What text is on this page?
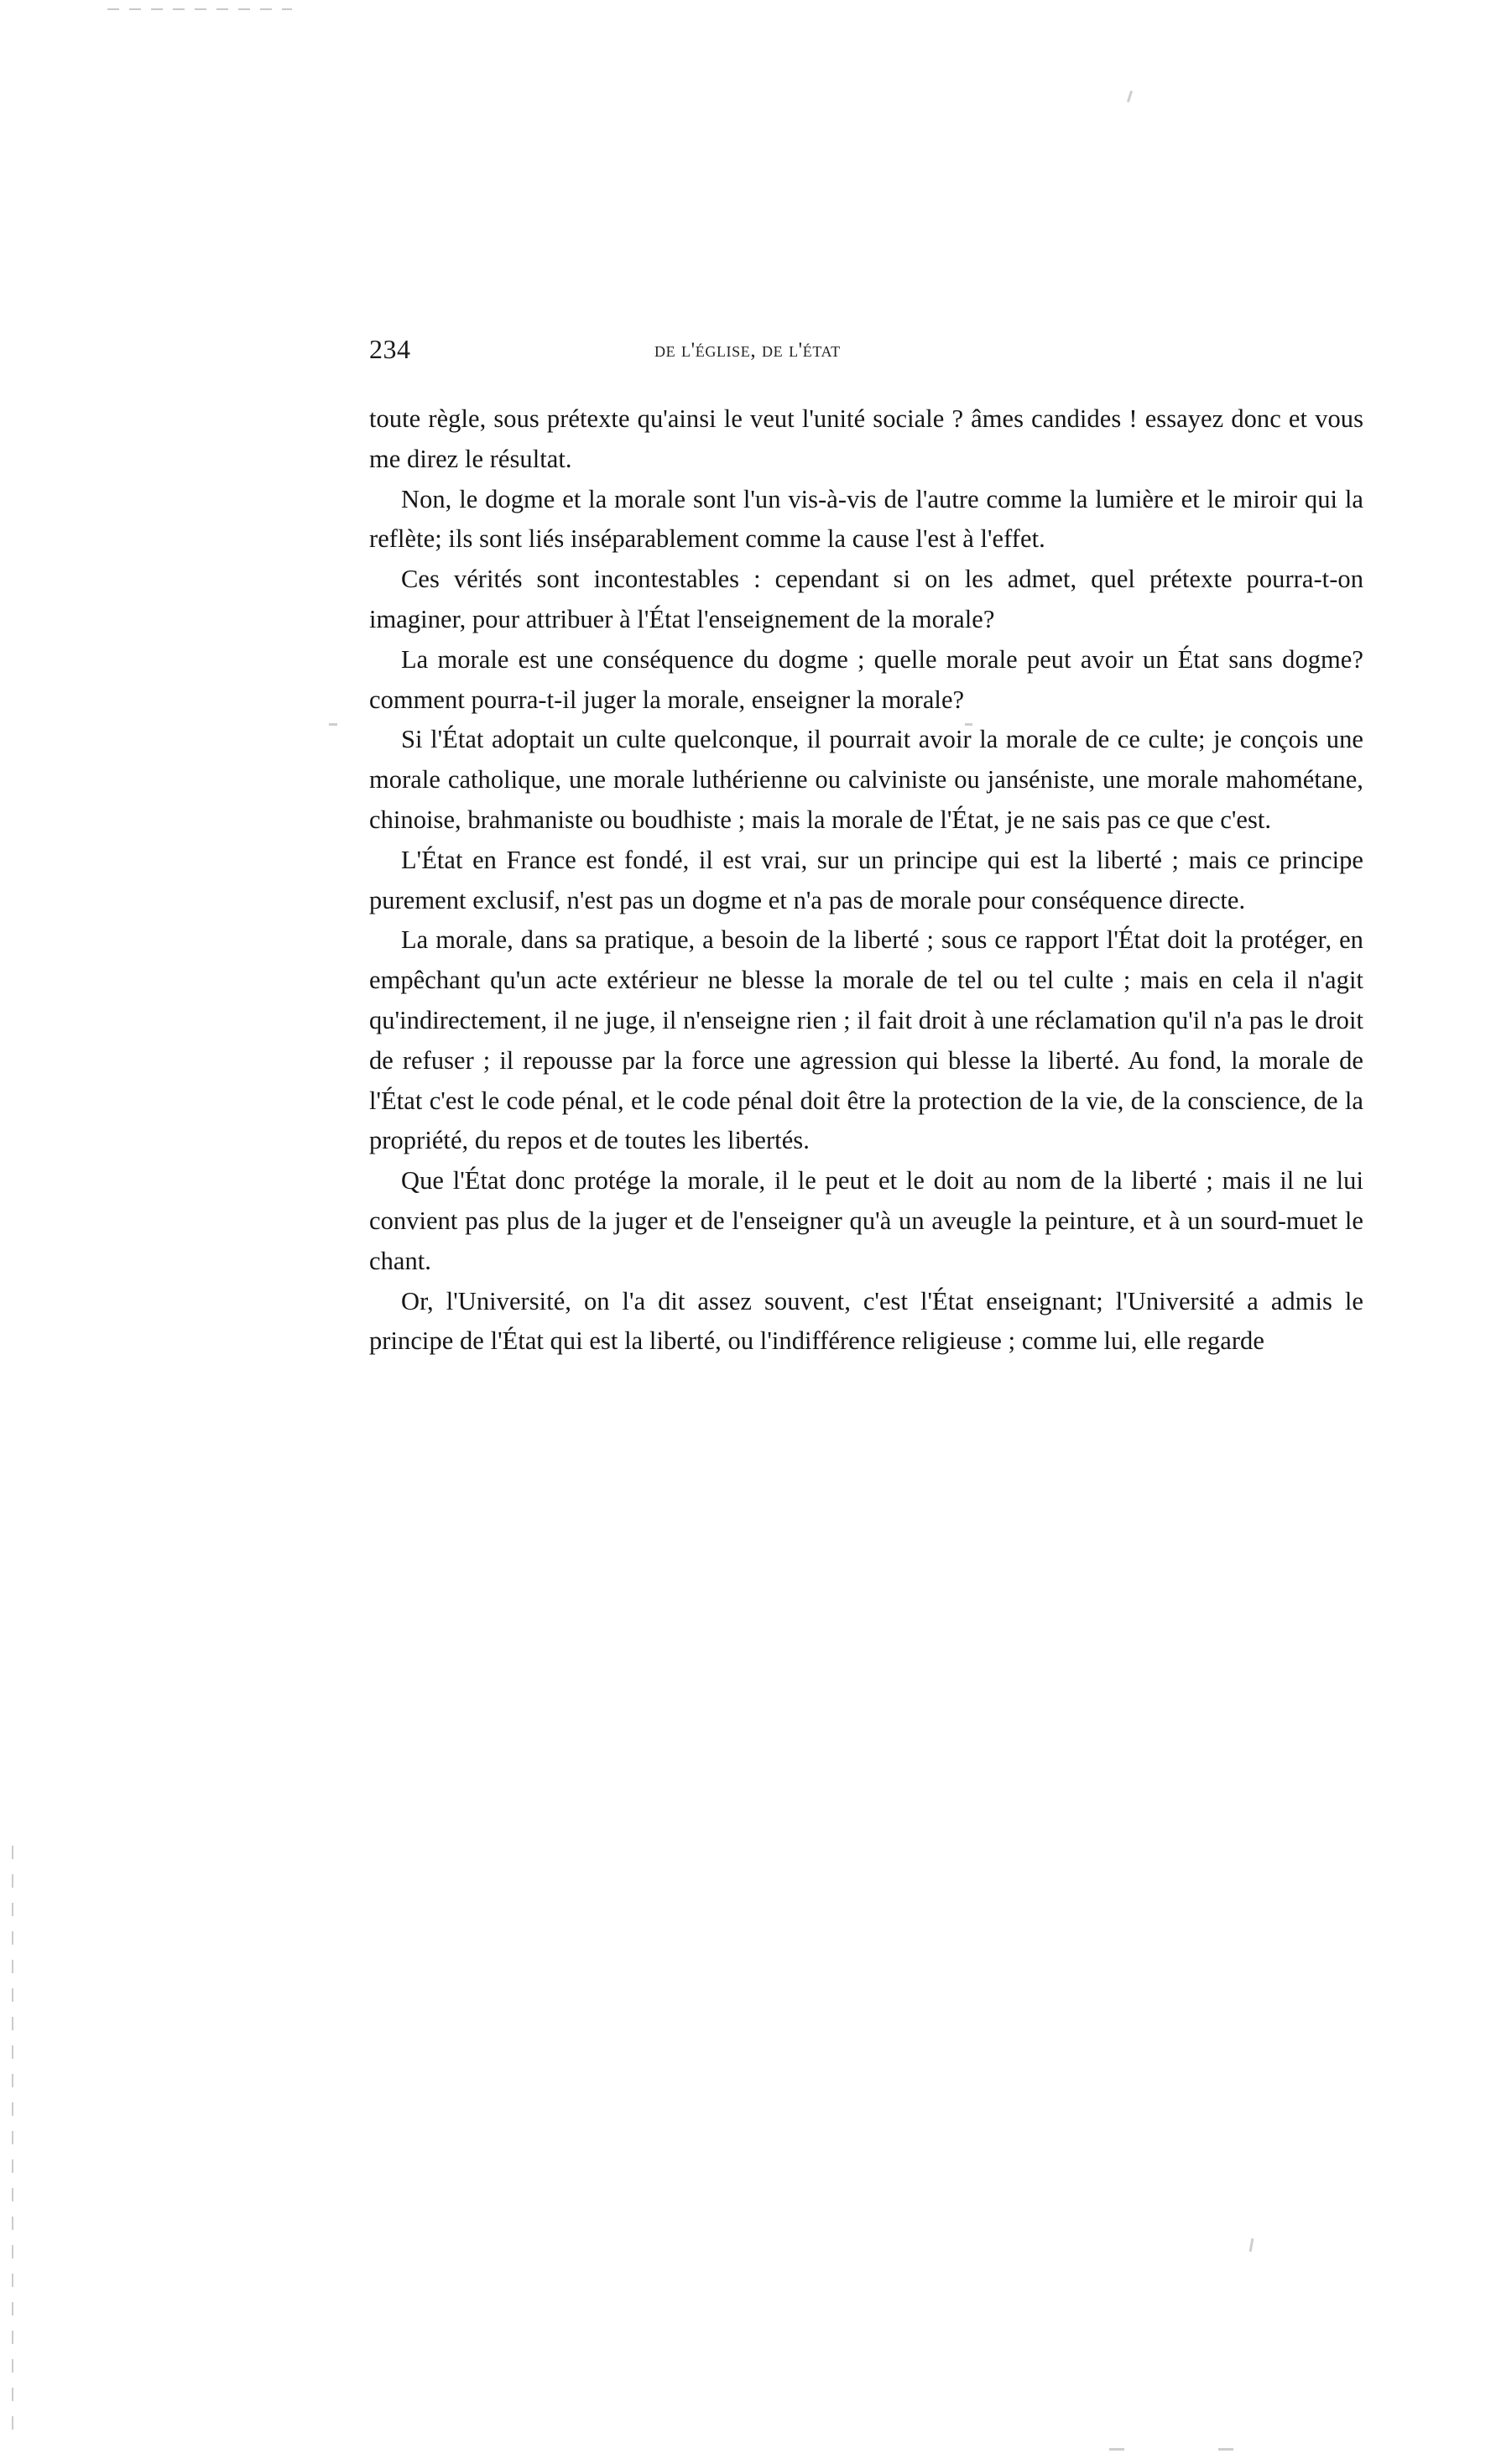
234	de l'église, de l'état

toute règle, sous prétexte qu'ainsi le veut l'unité sociale ? âmes candides ! essayez donc et vous me direz le résultat.

Non, le dogme et la morale sont l'un vis-à-vis de l'autre comme la lumière et le miroir qui la reflète; ils sont liés inséparablement comme la cause l'est à l'effet.

Ces vérités sont incontestables : cependant si on les admet, quel prétexte pourra-t-on imaginer, pour attribuer à l'État l'enseignement de la morale?

La morale est une conséquence du dogme ; quelle morale peut avoir un État sans dogme? comment pourra-t-il juger la morale, enseigner la morale?

Si l'État adoptait un culte quelconque, il pourrait avoir la morale de ce culte; je conçois une morale catholique, une morale luthérienne ou calviniste ou janséniste, une morale mahométane, chinoise, brahmaniste ou boudhiste ; mais la morale de l'État, je ne sais pas ce que c'est.

L'État en France est fondé, il est vrai, sur un principe qui est la liberté ; mais ce principe purement exclusif, n'est pas un dogme et n'a pas de morale pour conséquence directe.

La morale, dans sa pratique, a besoin de la liberté ; sous ce rapport l'État doit la protéger, en empêchant qu'un acte extérieur ne blesse la morale de tel ou tel culte ; mais en cela il n'agit qu'indirectement, il ne juge, il n'enseigne rien ; il fait droit à une réclamation qu'il n'a pas le droit de refuser ; il repousse par la force une agression qui blesse la liberté. Au fond, la morale de l'État c'est le code pénal, et le code pénal doit être la protection de la vie, de la conscience, de la propriété, du repos et de toutes les libertés.

Que l'État donc protége la morale, il le peut et le doit au nom de la liberté ; mais il ne lui convient pas plus de la juger et de l'enseigner qu'à un aveugle la peinture, et à un sourd-muet le chant.

Or, l'Université, on l'a dit assez souvent, c'est l'État enseignant; l'Université a admis le principe de l'État qui est la liberté, ou l'indifférence religieuse ; comme lui, elle regarde
